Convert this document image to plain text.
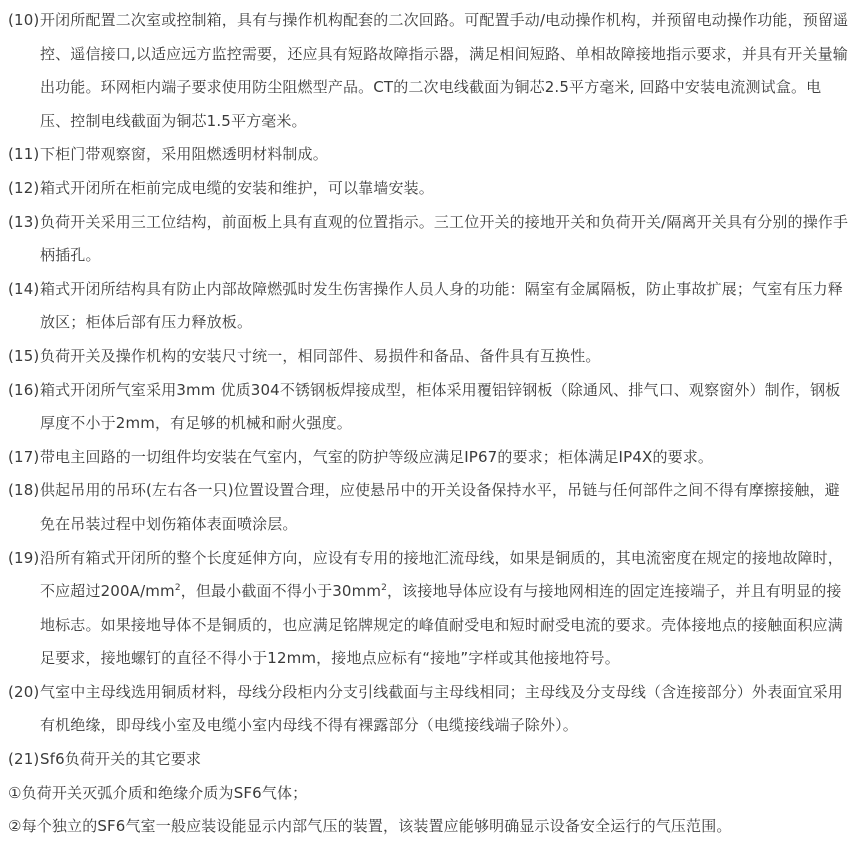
(10) 开闭所配置二次室或控制箱，具有与操作机构配套的二次回路。可配置手动/电动操作机构，并预留电动操作功能，预留遥控、遥信接口,以适应远方监控需要，还应具有短路故障指示器，满足相间短路、单相故障接地指示要求，并具有开关量输出功能。环网柜内端子要求使用防尘阻燃型产品。CT的二次电线截面为铜芯2.5平方毫米, 回路中安装电流测试盒。电压、控制电线截面为铜芯1.5平方毫米。
(11) 下柜门带观察窗，采用阻燃透明材料制成。
(12) 箱式开闭所在柜前完成电缆的安装和维护，可以靠墙安装。
(13) 负荷开关采用三工位结构，前面板上具有直观的位置指示。三工位开关的接地开关和负荷开关/隔离开关具有分别的操作手柄插孔。
(14) 箱式开闭所结构具有防止内部故障燃弧时发生伤害操作人员人身的功能：隔室有金属隔板，防止事故扩展；气室有压力释放区；柜体后部有压力释放板。
(15) 负荷开关及操作机构的安装尺寸统一，相同部件、易损件和备品、备件具有互换性。
(16) 箱式开闭所气室采用3mm 优质304不锈钢板焊接成型，柜体采用覆铝锌钢板（除通风、排气口、观察窗外）制作，钢板厚度不小于2mm，有足够的机械和耐火强度。
(17) 带电主回路的一切组件均安装在气室内，气室的防护等级应满足IP67的要求；柜体满足IP4X的要求。
(18) 供起吊用的吊环(左右各一只)位置设置合理，应使悬吊中的开关设备保持水平，吊链与任何部件之间不得有摩擦接触，避免在吊装过程中划伤箱体表面喷涂层。
(19) 沿所有箱式开闭所的整个长度延伸方向，应设有专用的接地汇流母线，如果是铜质的，其电流密度在规定的接地故障时，不应超过$200A/mm^2$，但最小截面不得小于$30mm^2$，该接地导体应设有与接地网相连的固定连接端子，并且有明显的接地标志。如果接地导体不是铜质的，也应满足铭牌规定的峰值耐受电和短时耐受电流的要求。壳体接地点的接触面积应满足要求，接地螺钉的直径不得小于12mm，接地点应标有“接地”字样或其他接地符号。
(20) 气室中主母线选用铜质材料，母线分段柜内分支引线截面与主母线相同；主母线及分支母线（含连接部分）外表面宜采用有机绝缘，即母线小室及电缆小室内母线不得有裸露部分（电缆接线端子除外）。
(21) Sf6负荷开关的其它要求
①负荷开关灭弧介质和绝缘介质为SF6气体；
②每个独立的SF6气室一般应装设能显示内部气压的装置，该装置应能够明确显示设备安全运行的气压范围。
